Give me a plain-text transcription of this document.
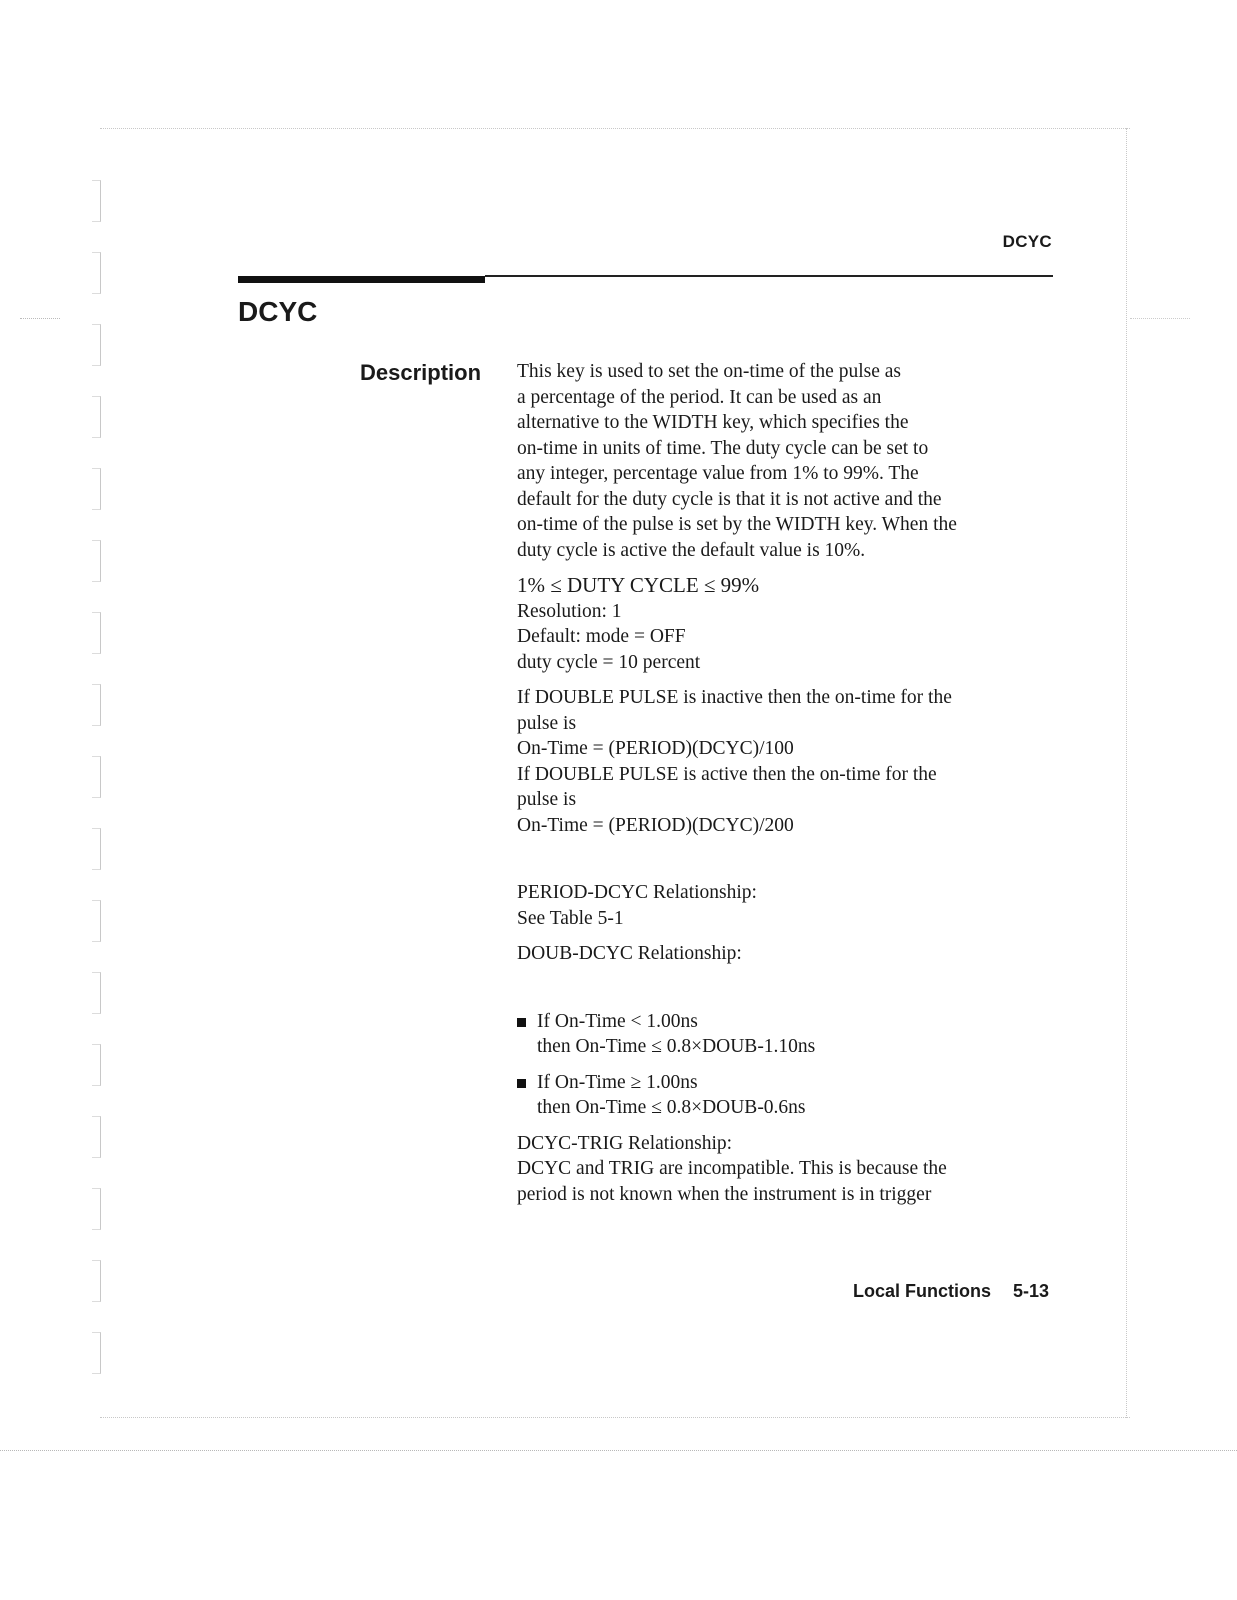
DCYC
DCYC
Description This key is used to set the on-time of the pulse as

a percentage of the period. It can be used as an

alternative to the WIDTH key, which specifies the

on-time in units of time. The duty cycle can be set to

any integer, percentage value from 1% to 99%. The

default for the duty cycle is that it is not active and the

on-time of the pulse is set by the WIDTH key. When the

duty cycle is active the default value is 10%.

1% ≤ DUTY CYCLE ≤ 99%

Resolution: 1

Default: mode = OFF

duty cycle = 10 percent

If DOUBLE PULSE is inactive then the on-time for the

pulse is

On-Time = (PERIOD)(DCYC)/100

If DOUBLE PULSE is active then the on-time for the

pulse is

On-Time = (PERIOD)(DCYC)/200

PERIOD-DCYC Relationship:

See Table 5-1

DOUB-DCYC Relationship:

If On-Time < 1.00ns

then On-Time ≤ 0.8×DOUB-1.10ns

If On-Time ≥ 1.00ns

then On-Time ≤ 0.8×DOUB-0.6ns

DCYC-TRIG Relationship:

DCYC and TRIG are incompatible. This is because the

period is not known when the instrument is in trigger

Local Functions 5-13
